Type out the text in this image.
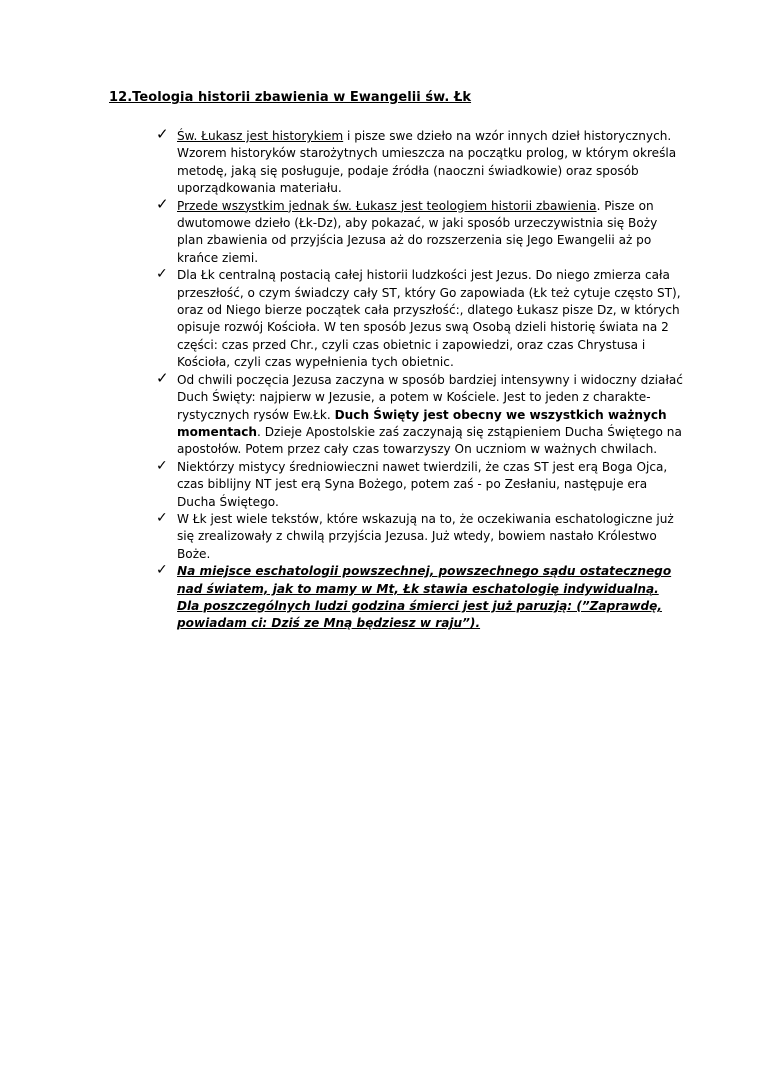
12.Teologia historii zbawienia w Ewangelii św. Łk
✓ Św. Łukasz jest historykiem i pisze swe dzieło na wzór innych dzieł historycznych.
Wzorem historyków starożytnych umieszcza na początku prolog, w którym określa
metodę, jaką się posługuje, podaje źródła (naoczni świadkowie) oraz sposób
uporządkowania materiału.
✓ Przede wszystkim jednak św. Łukasz jest teologiem historii zbawienia. Pisze on
dwutomowe dzieło (Łk-Dz), aby pokazać, w jaki sposób urzeczywistnia się Boży
plan zbawienia od przyjścia Jezusa aż do rozszerzenia się Jego Ewangelii aż po
krańce ziemi.
✓ Dla Łk centralną postacią całej historii ludzkości jest Jezus. Do niego zmierza cała
przeszłość, o czym świadczy cały ST, który Go zapowiada (Łk też cytuje często ST),
oraz od Niego bierze początek cała przyszłość:, dlatego Łukasz pisze Dz, w których
opisuje rozwój Kościoła. W ten sposób Jezus swą Osobą dzieli historię świata na 2
części: czas przed Chr., czyli czas obietnic i zapowiedzi, oraz czas Chrystusa i
Kościoła, czyli czas wypełnienia tych obietnic.
✓ Od chwili poczęcia Jezusa zaczyna w sposób bardziej intensywny i widoczny działać
Duch Święty: najpierw w Jezusie, a potem w Kościele. Jest to jeden z charakte-
rystycznych rysów Ew.Łk. Duch Święty jest obecny we wszystkich ważnych
momentach. Dzieje Apostolskie zaś zaczynają się zstąpieniem Ducha Świętego na
apostołów. Potem przez cały czas towarzyszy On uczniom w ważnych chwilach.
✓ Niektórzy mistycy średniowieczni nawet twierdzili, że czas ST jest erą Boga Ojca,
czas biblijny NT jest erą Syna Bożego, potem zaś - po Zesłaniu, następuje era
Ducha Świętego.
✓ W Łk jest wiele tekstów, które wskazują na to, że oczekiwania eschatologiczne już
się zrealizowały z chwilą przyjścia Jezusa. Już wtedy, bowiem nastało Królestwo
Boże.
✓ Na miejsce eschatologii powszechnej, powszechnego sądu ostatecznego
nad światem, jak to mamy w Mt, Łk stawia eschatologię indywidualną.
Dla poszczególnych ludzi godzina śmierci jest już paruzją: (”Zaprawdę,
powiadam ci: Dziś ze Mną będziesz w raju”).
